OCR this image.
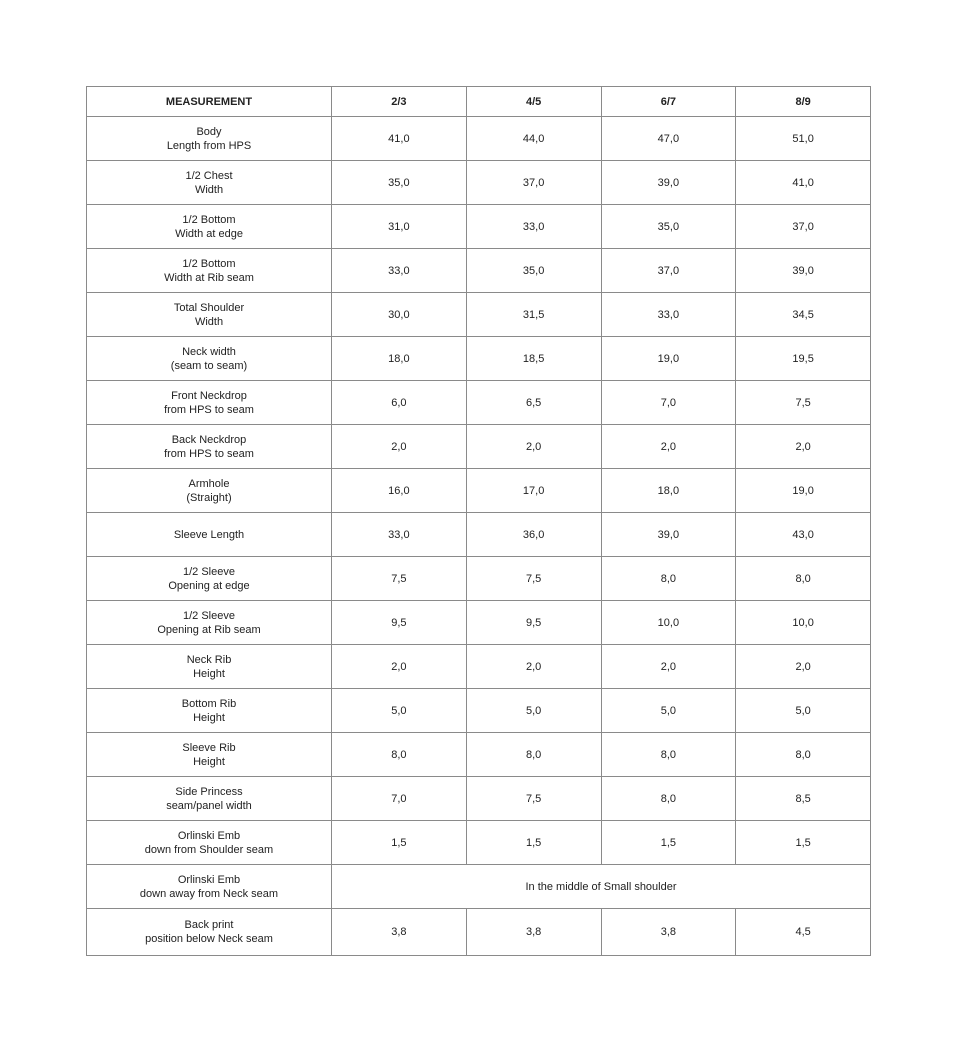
MEASUREMENT	2/3	4/5	6/7	8/9

Body
Length from HPS	41,0	44,0	47,0	51,0

1/2 Chest
Width	35,0	37,0	39,0	41,0

1/2 Bottom
Width at edge	31,0	33,0	35,0	37,0

1/2 Bottom
Width at Rib seam	33,0	35,0	37,0	39,0

Total Shoulder
Width	30,0	31,5	33,0	34,5

Neck width
(seam to seam)	18,0	18,5	19,0	19,5

Front Neckdrop
from HPS to seam	6,0	6,5	7,0	7,5

Back Neckdrop
from HPS to seam	2,0	2,0	2,0	2,0

Armhole
(Straight)	16,0	17,0	18,0	19,0

Sleeve Length	33,0	36,0	39,0	43,0

1/2 Sleeve
Opening at edge	7,5	7,5	8,0	8,0

1/2 Sleeve
Opening at Rib seam	9,5	9,5	10,0	10,0

Neck Rib
Height	2,0	2,0	2,0	2,0

Bottom Rib
Height	5,0	5,0	5,0	5,0

Sleeve Rib
Height	8,0	8,0	8,0	8,0

Side Princess
seam/panel width	7,0	7,5	8,0	8,5

Orlinski Emb
down from Shoulder seam	1,5	1,5	1,5	1,5

Orlinski Emb
down away from Neck seam	In the middle of Small shoulder			

Back print
position below Neck seam	3,8	3,8	3,8	4,5
